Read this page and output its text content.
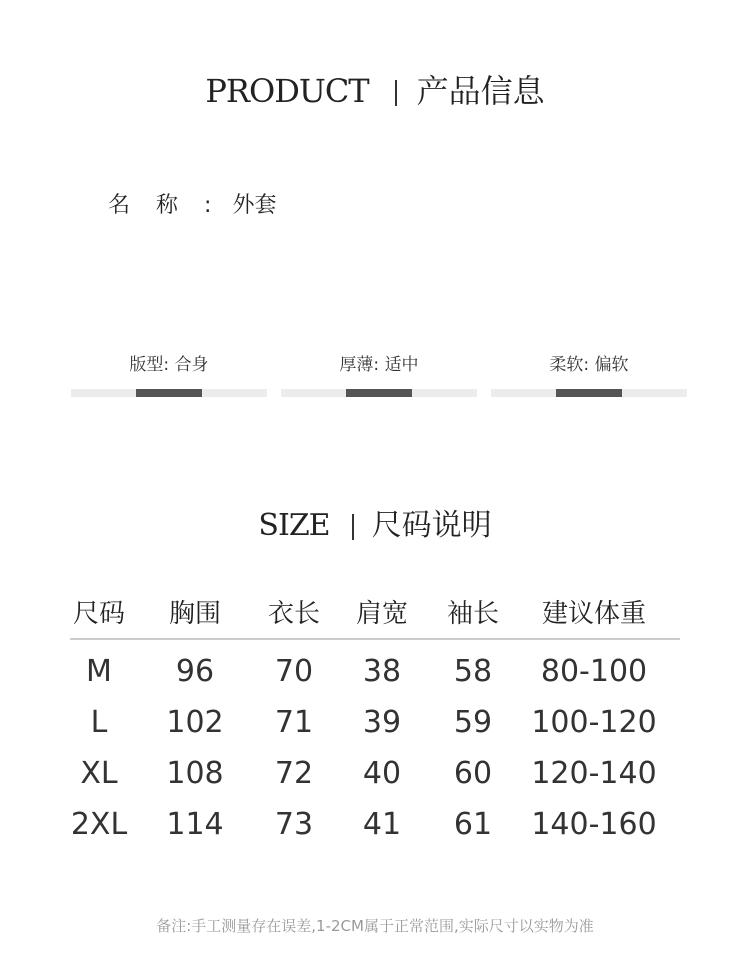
PRODUCT 产品信息
名称: 外套
版型: 合身	厚薄: 适中	柔软: 偏软
SIZE 尺码说明
尺码	胸围	衣长	肩宽	袖长	建议体重
M	96	70	38	58	80-100
L	102	71	39	59	100-120
XL	108	72	40	60	120-140
2XL	114	73	41	61	140-160
备注:手工测量存在误差,1-2CM属于正常范围,实际尺寸以实物为准
